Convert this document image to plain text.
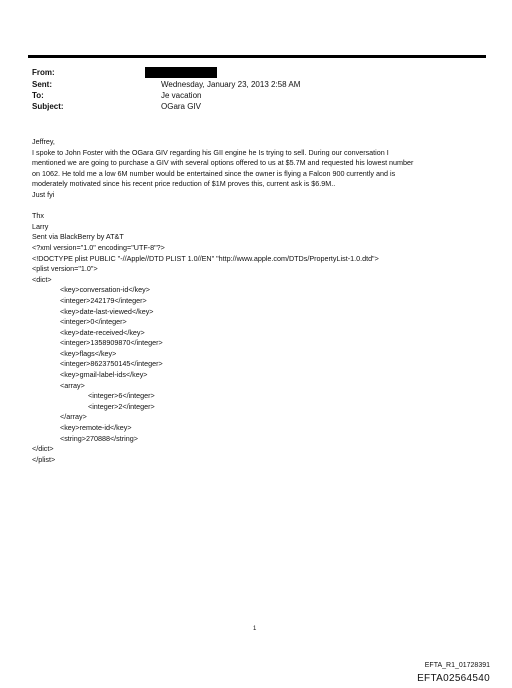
From:
Sent:	Wednesday, January 23, 2013 2:58 AM
To:	Je vacation
Subject:	OGara GIV
Jeffrey,
I spoke to John Foster with the OGara GIV regarding his GII engine he Is trying to sell. During our conversation I
mentioned we are going to purchase a GIV with several options offered to us at $5.7M and requested his lowest number
on 1062. He told me a low 6M number would be entertained since the owner is flying a Falcon 900 currently and is
moderately motivated since his recent price reduction of $1M proves this, current ask is $6.9M..
Just fyi
Thx
Larry
Sent via BlackBerry by AT&T
<?xml version="1.0" encoding="UTF-8"?>
<!DOCTYPE plist PUBLIC "-//Apple//DTD PLIST 1.0//EN" "http://www.apple.com/DTDs/PropertyList-1.0.dtd">
<plist version="1.0">
<dict>
<key>conversation-id</key>
<integer>242179</integer>
<key>date-last-viewed</key>
<integer>0</integer>
<key>date-received</key>
<integer>1358909870</integer>
<key>flags</key>
<integer>8623750145</integer>
<key>gmail-label-ids</key>
<array>
<integer>6</integer>
<integer>2</integer>
</array>
<key>remote-id</key>
<string>270888</string>
</dict>
</plist>
1
EFTA_R1_01728391
EFTA02564540
